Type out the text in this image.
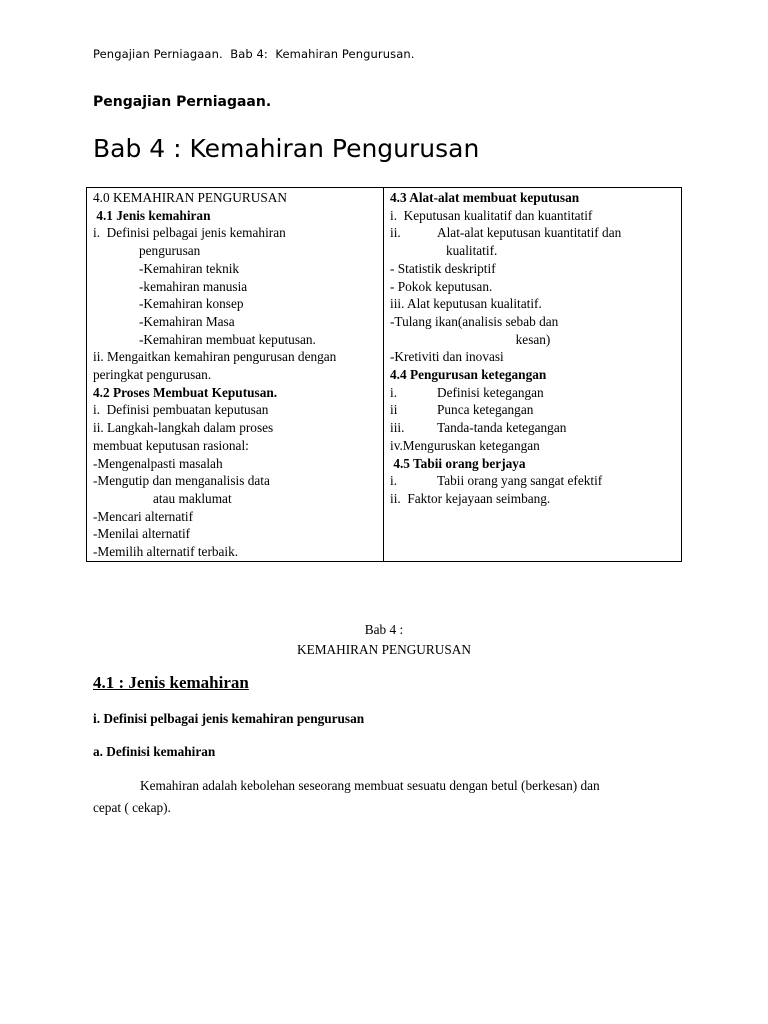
Pengajian Perniagaan.  Bab 4:  Kemahiran Pengurusan.
Pengajian Perniagaan.
Bab 4 : Kemahiran Pengurusan
4.0 KEMAHIRAN PENGURUSAN
4.1 Jenis kemahiran
i.  Definisi pelbagai jenis kemahiran
pengurusan
-Kemahiran teknik
-kemahiran manusia
-Kemahiran konsep
-Kemahiran Masa
-Kemahiran membuat keputusan.
ii. Mengaitkan kemahiran pengurusan dengan
peringkat pengurusan.
4.2 Proses Membuat Keputusan.
i.  Definisi pembuatan keputusan
ii. Langkah-langkah dalam proses
membuat keputusan rasional:
-Mengenalpasti masalah
-Mengutip dan menganalisis data
atau maklumat
-Mencari alternatif
-Menilai alternatif
-Memilih alternatif terbaik.
4.3 Alat-alat membuat keputusan
i.  Keputusan kualitatif dan kuantitatif
ii.	Alat-alat keputusan kuantitatif dan
kualitatif.
- Statistik deskriptif
- Pokok keputusan.
iii. Alat keputusan kualitatif.
-Tulang ikan(analisis sebab dan
kesan)
-Kretiviti dan inovasi
4.4 Pengurusan ketegangan
i.	Definisi ketegangan
ii	Punca ketegangan
iii.	Tanda-tanda ketegangan
iv.Menguruskan ketegangan
4.5 Tabii orang berjaya
i.	Tabii orang yang sangat efektif
ii.  Faktor kejayaan seimbang.
Bab 4 :
KEMAHIRAN PENGURUSAN
4.1 : Jenis kemahiran
i. Definisi pelbagai jenis kemahiran pengurusan
a. Definisi kemahiran
Kemahiran adalah kebolehan seseorang membuat sesuatu dengan betul (berkesan) dan
cepat ( cekap).
